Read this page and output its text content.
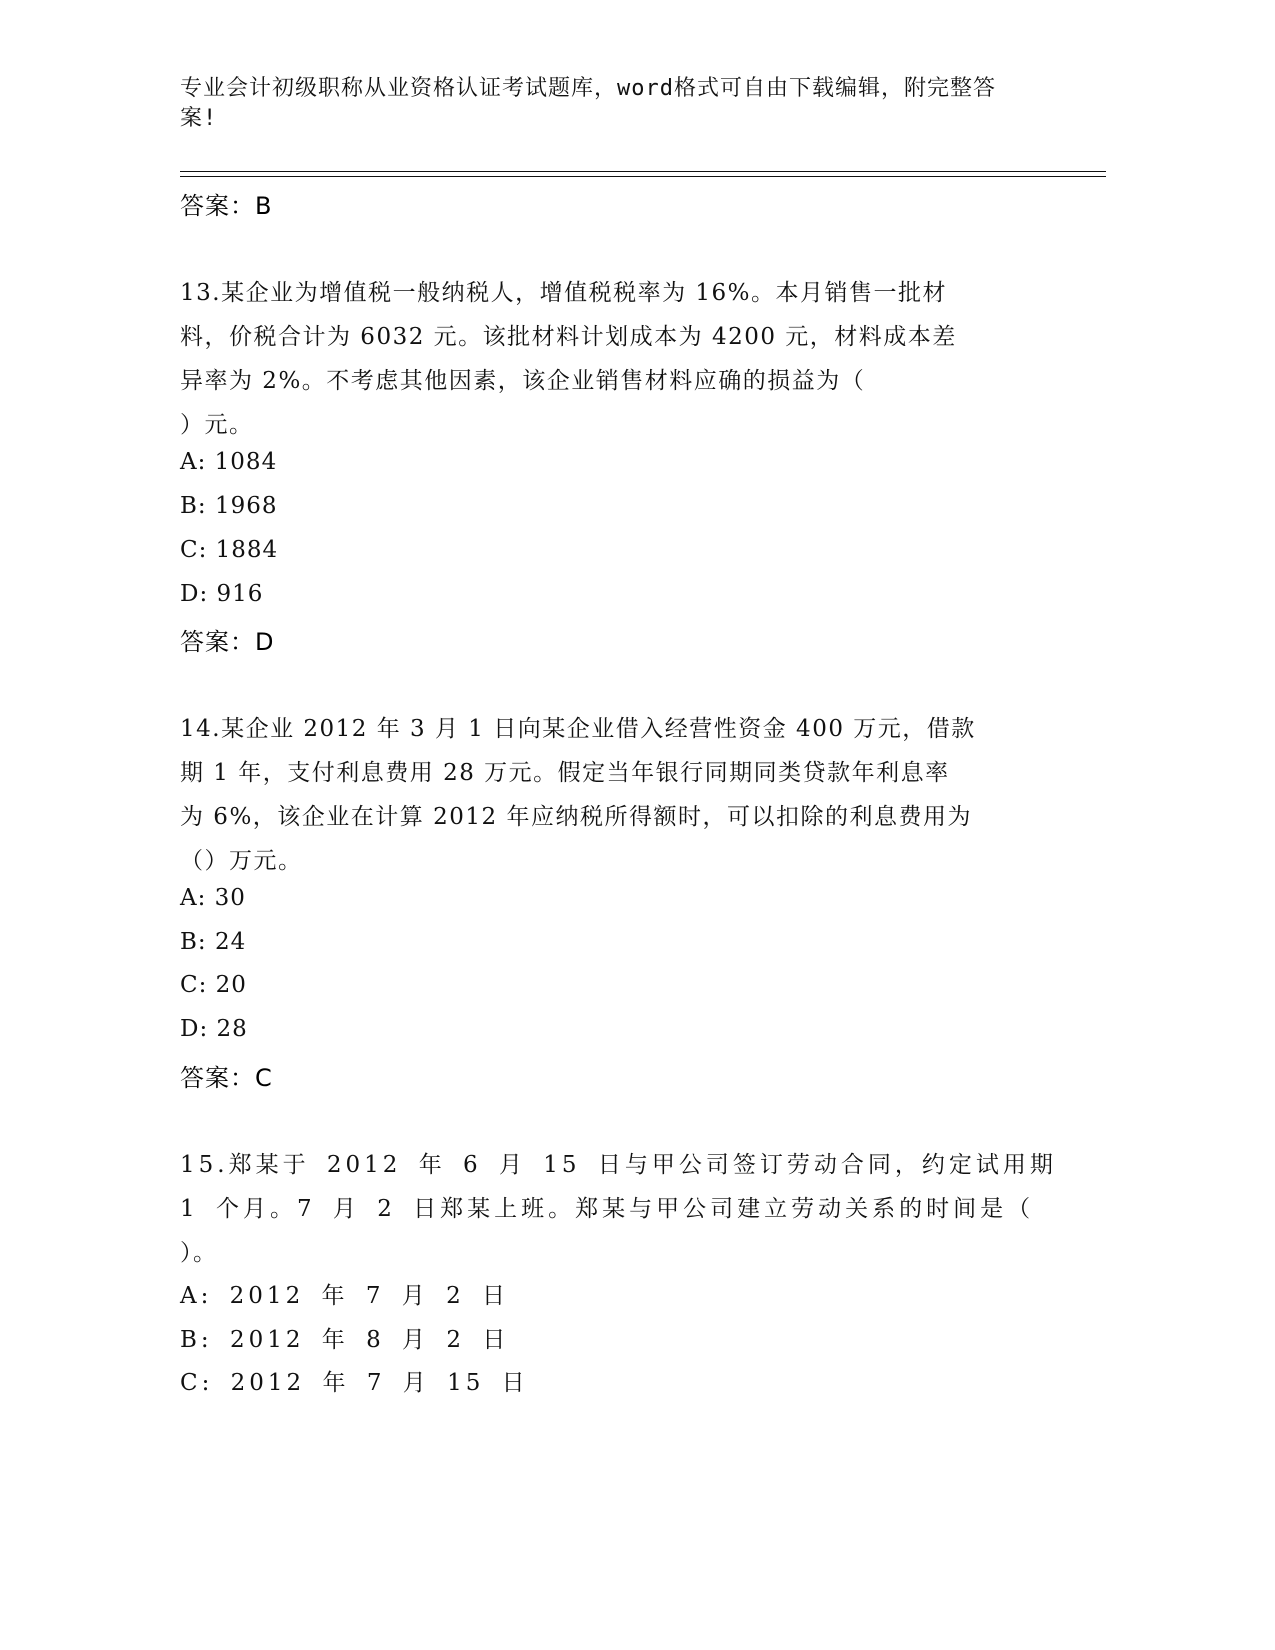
专业会计初级职称从业资格认证考试题库，word格式可自由下载编辑，附完整答
案!
答案：B
13.某企业为增值税一般纳税人，增值税税率为 16%。本月销售一批材
料，价税合计为 6032 元。该批材料计划成本为 4200 元，材料成本差
异率为 2%。不考虑其他因素，该企业销售材料应确的损益为（
）元。
A: 1084
B: 1968
C: 1884
D: 916
答案：D
14.某企业 2012 年 3 月 1 日向某企业借入经营性资金 400 万元，借款
期 1 年，支付利息费用 28 万元。假定当年银行同期同类贷款年利息率
为 6%，该企业在计算 2012 年应纳税所得额时，可以扣除的利息费用为
（）万元。
A: 30
B: 24
C: 20
D: 28
答案：C
15.郑某于 2012 年 6 月 15 日与甲公司签订劳动合同，约定试用期
1 个月。7 月 2 日郑某上班。郑某与甲公司建立劳动关系的时间是（
）。
A: 2012 年 7 月 2 日
B: 2012 年 8 月 2 日
C: 2012 年 7 月 15 日
